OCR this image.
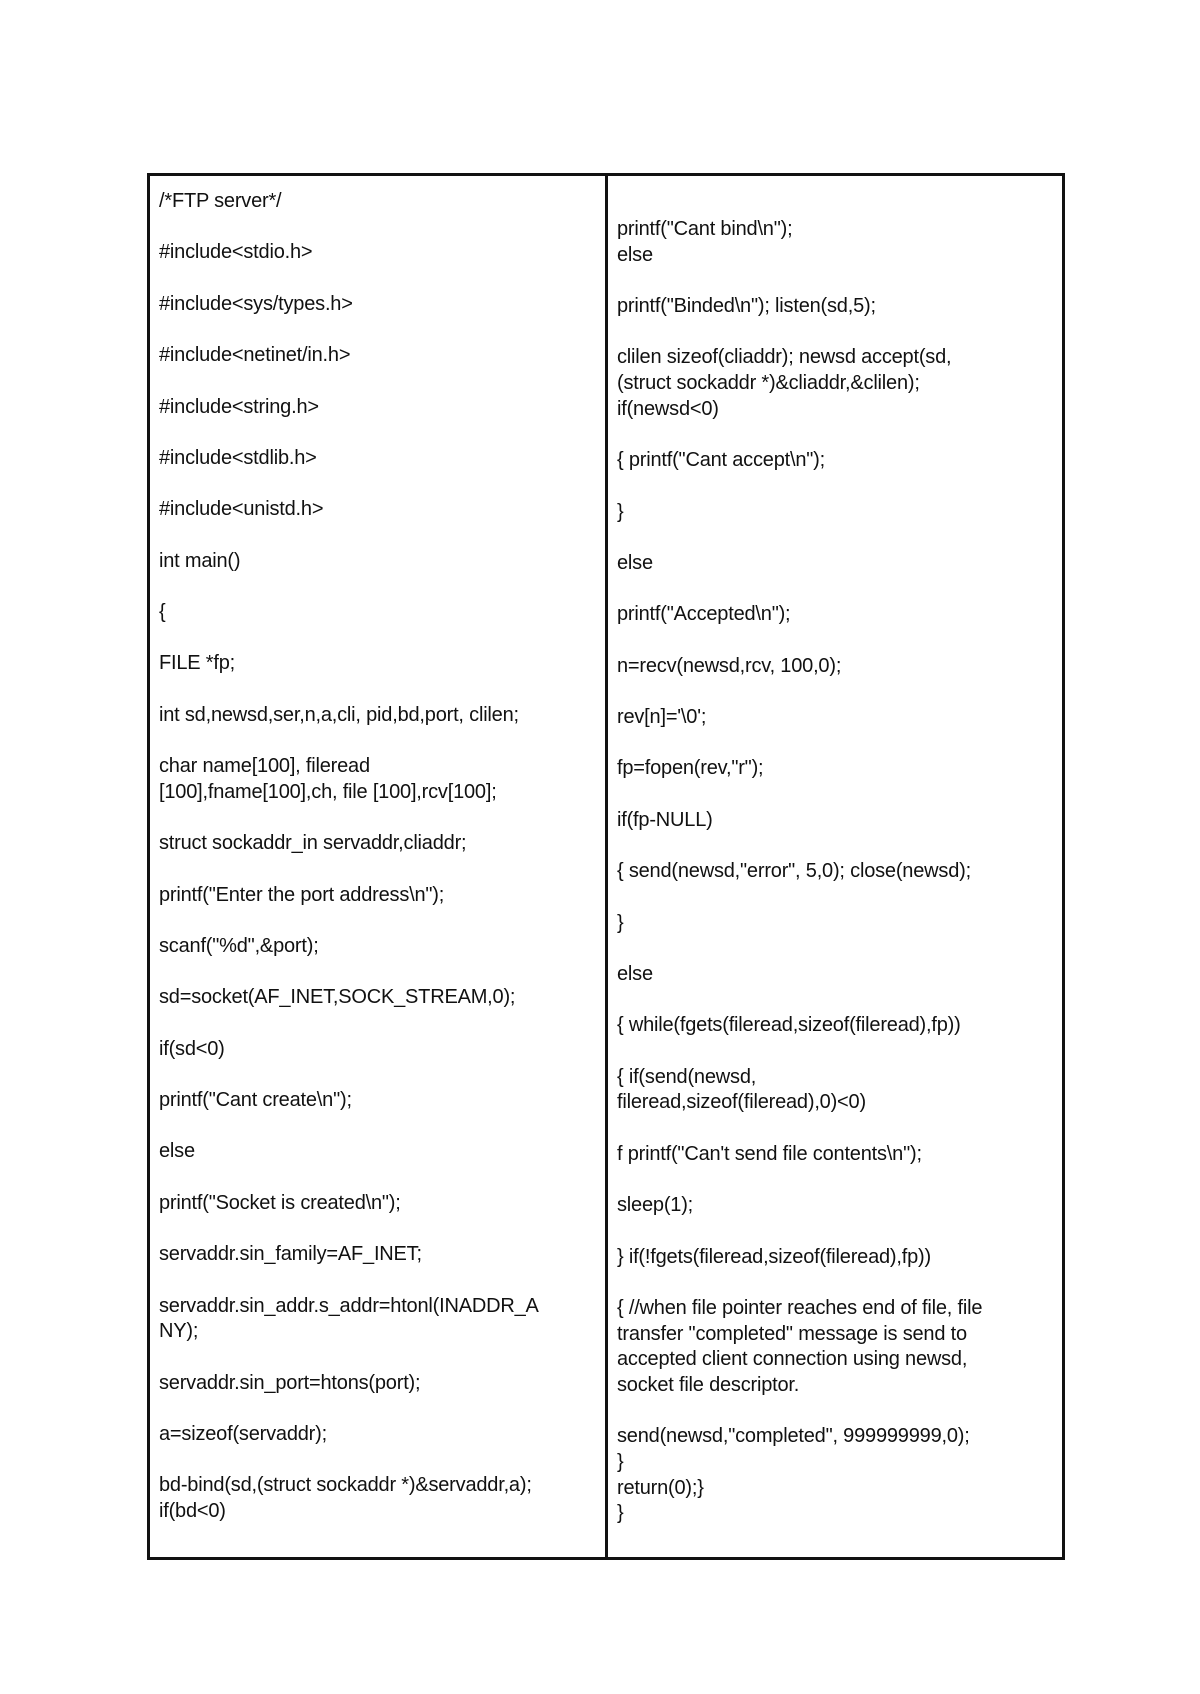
/*FTP server*/
#include<stdio.h>
#include<sys/types.h>
#include<netinet/in.h>
#include<string.h>
#include<stdlib.h>
#include<unistd.h>
int main()
{
FILE *fp;
int sd,newsd,ser,n,a,cli, pid,bd,port, clilen;
char name[100], fileread
[100],fname[100],ch, file [100],rcv[100];
struct sockaddr_in servaddr,cliaddr;
printf("Enter the port address\n");
scanf("%d",&port);
sd=socket(AF_INET,SOCK_STREAM,0);
if(sd<0)
printf("Cant create\n");
else
printf("Socket is created\n");
servaddr.sin_family=AF_INET;
servaddr.sin_addr.s_addr=htonl(INADDR_A
NY);
servaddr.sin_port=htons(port);
a=sizeof(servaddr);
bd-bind(sd,(struct sockaddr *)&servaddr,a);
if(bd<0)
printf("Cant bind\n");
else
printf("Binded\n"); listen(sd,5);
clilen sizeof(cliaddr); newsd accept(sd,
(struct sockaddr *)&cliaddr,&clilen);
if(newsd<0)
{ printf("Cant accept\n");
}
else
printf("Accepted\n");
n=recv(newsd,rcv, 100,0);
rev[n]='\0';
fp=fopen(rev,"r");
if(fp-NULL)
{ send(newsd,"error", 5,0); close(newsd);
}
else
{ while(fgets(fileread,sizeof(fileread),fp))
{ if(send(newsd,
fileread,sizeof(fileread),0)<0)
f printf("Can't send file contents\n");
sleep(1);
} if(!fgets(fileread,sizeof(fileread),fp))
{ //when file pointer reaches end of file, file
transfer "completed" message is send to
accepted client connection using newsd,
socket file descriptor.
send(newsd,"completed", 999999999,0);
}
return(0);}
}
